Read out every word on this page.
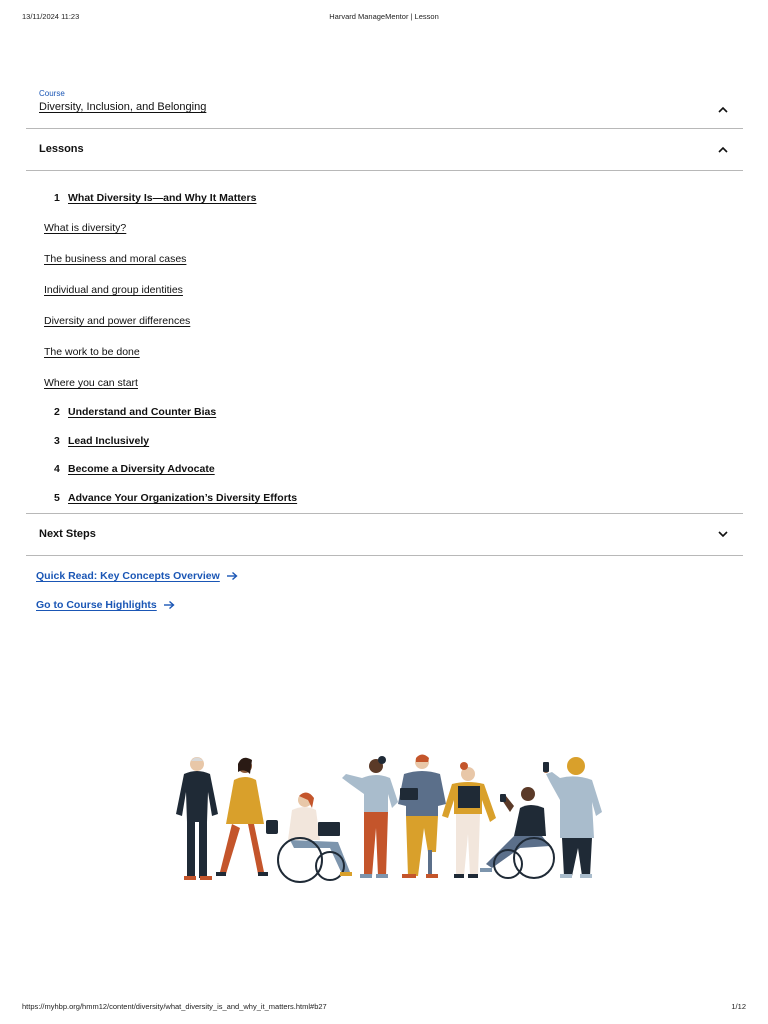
13/11/2024 11:23	Harvard ManageMentor | Lesson
Course
Diversity, Inclusion, and Belonging
Lessons
1 What Diversity Is—and Why It Matters
What is diversity?
The business and moral cases
Individual and group identities
Diversity and power differences
The work to be done
Where you can start
2 Understand and Counter Bias
3 Lead Inclusively
4 Become a Diversity Advocate
5 Advance Your Organization’s Diversity Efforts
Next Steps
Quick Read: Key Concepts Overview
Go to Course Highlights
https://myhbp.org/hmm12/content/diversity/what_diversity_is_and_why_it_matters.html#b27	1/12
